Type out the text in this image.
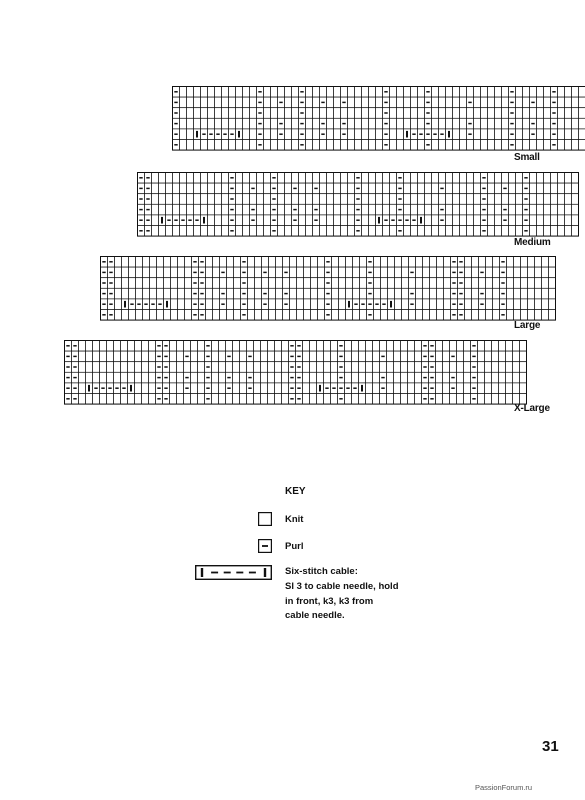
Small
Medium
Large
X-Large
KEY
Knit
Purl
Six-stitch cable:
Sl 3 to cable needle, hold
in front, k3, k3 from
cable needle.
31
PassionForum.ru
